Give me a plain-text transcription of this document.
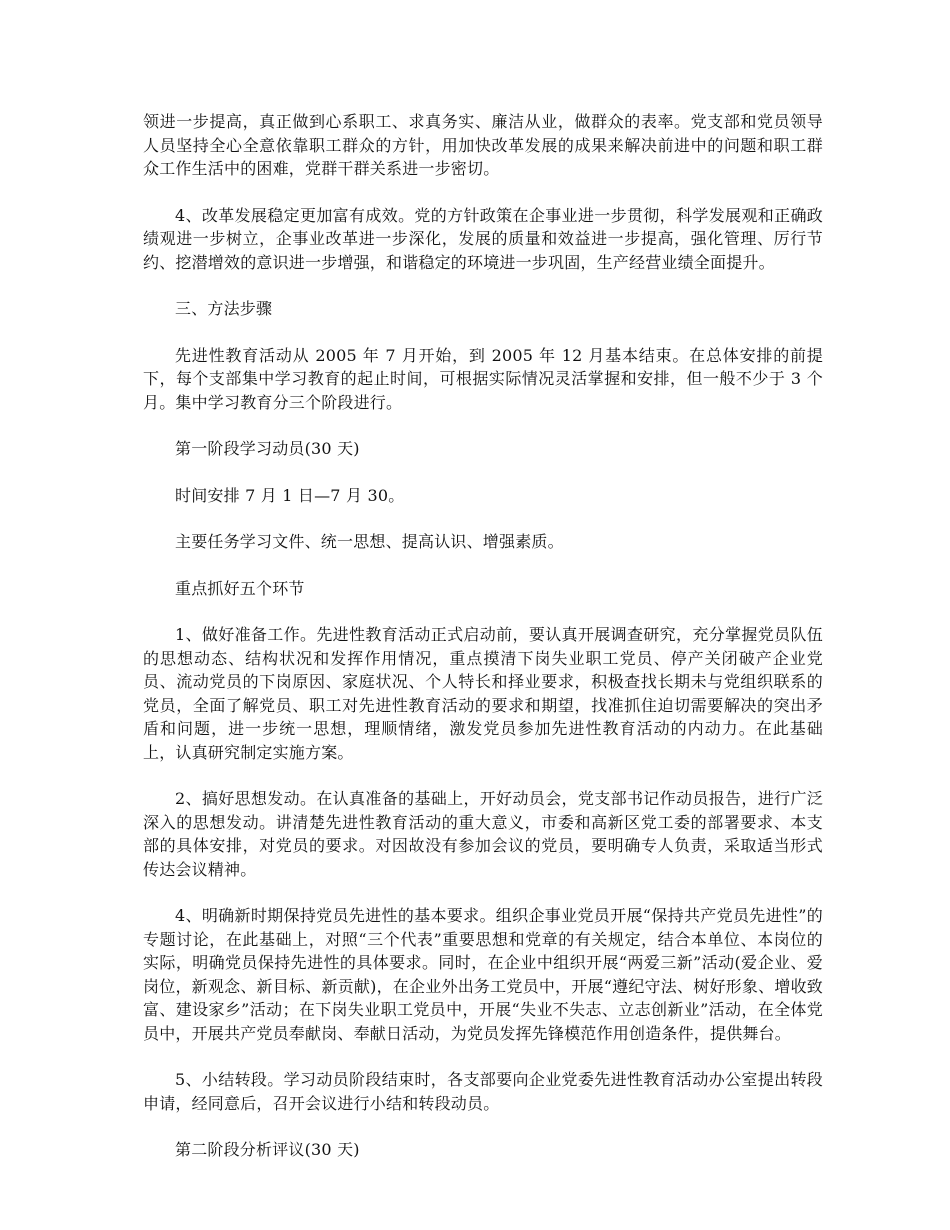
领进一步提高，真正做到心系职工、求真务实、廉洁从业，做群众的表率。党支部和党员领导人员坚持全心全意依靠职工群众的方针，用加快改革发展的成果来解决前进中的问题和职工群众工作生活中的困难，党群干群关系进一步密切。

4、改革发展稳定更加富有成效。党的方针政策在企事业进一步贯彻，科学发展观和正确政绩观进一步树立，企事业改革进一步深化，发展的质量和效益进一步提高，强化管理、厉行节约、挖潜增效的意识进一步增强，和谐稳定的环境进一步巩固，生产经营业绩全面提升。

三、方法步骤

先进性教育活动从 2005 年 7 月开始，到 2005 年 12 月基本结束。在总体安排的前提下，每个支部集中学习教育的起止时间，可根据实际情况灵活掌握和安排，但一般不少于 3 个月。集中学习教育分三个阶段进行。

第一阶段学习动员(30 天)

时间安排 7 月 1 日—7 月 30。

主要任务学习文件、统一思想、提高认识、增强素质。

重点抓好五个环节

1、做好准备工作。先进性教育活动正式启动前，要认真开展调查研究，充分掌握党员队伍的思想动态、结构状况和发挥作用情况，重点摸清下岗失业职工党员、停产关闭破产企业党员、流动党员的下岗原因、家庭状况、个人特长和择业要求，积极查找长期未与党组织联系的党员，全面了解党员、职工对先进性教育活动的要求和期望，找准抓住迫切需要解决的突出矛盾和问题，进一步统一思想，理顺情绪，激发党员参加先进性教育活动的内动力。在此基础上，认真研究制定实施方案。

2、搞好思想发动。在认真准备的基础上，开好动员会，党支部书记作动员报告，进行广泛深入的思想发动。讲清楚先进性教育活动的重大意义，市委和高新区党工委的部署要求、本支部的具体安排，对党员的要求。对因故没有参加会议的党员，要明确专人负责，采取适当形式传达会议精神。

4、明确新时期保持党员先进性的基本要求。组织企事业党员开展“保持共产党员先进性”的专题讨论，在此基础上，对照“三个代表”重要思想和党章的有关规定，结合本单位、本岗位的实际，明确党员保持先进性的具体要求。同时，在企业中组织开展“两爱三新”活动(爱企业、爱岗位，新观念、新目标、新贡献)，在企业外出务工党员中，开展“遵纪守法、树好形象、增收致富、建设家乡”活动；在下岗失业职工党员中，开展“失业不失志、立志创新业”活动，在全体党员中，开展共产党员奉献岗、奉献日活动，为党员发挥先锋模范作用创造条件，提供舞台。

5、小结转段。学习动员阶段结束时，各支部要向企业党委先进性教育活动办公室提出转段申请，经同意后，召开会议进行小结和转段动员。

第二阶段分析评议(30 天)
